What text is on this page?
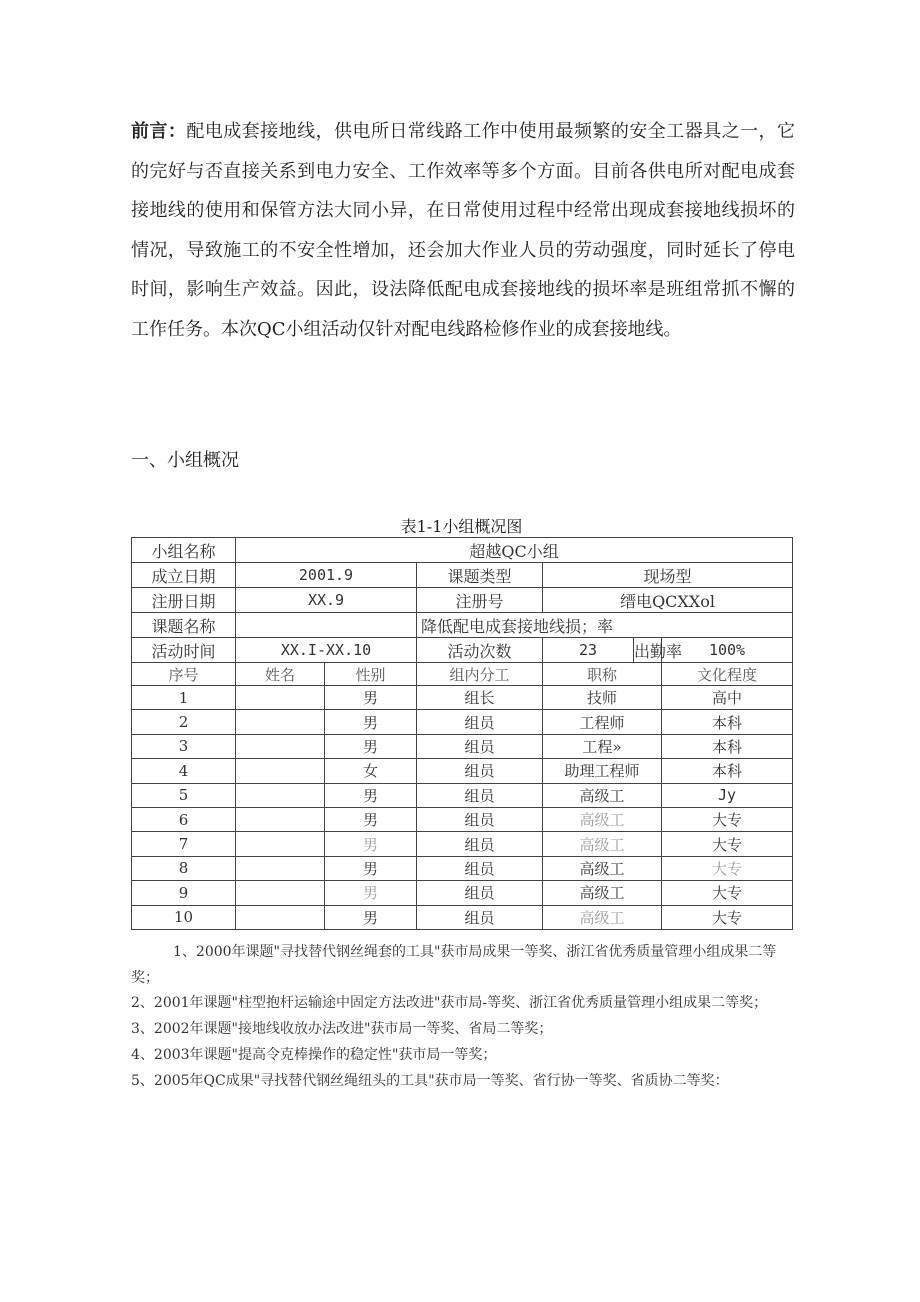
前言：配电成套接地线，供电所日常线路工作中使用最频繁的安全工器具之一，它的完好与否直接关系到电力安全、工作效率等多个方面。目前各供电所对配电成套接地线的使用和保管方法大同小异，在日常使用过程中经常出现成套接地线损坏的情况，导致施工的不安全性增加，还会加大作业人员的劳动强度，同时延长了停电时间，影响生产效益。因此，设法降低配电成套接地线的损坏率是班组常抓不懈的工作任务。本次QC小组活动仅针对配电线路检修作业的成套接地线。

一、小组概况

表1-1小组概况图

小组名称	超越QC小组					
成立日期	2001.9		课题类型	现场型		
注册日期	XX.9		注册号	缙电QCXXol		
课题名称			降低配电成套接地线损；率			
活动时间	XX.I-XX.10		活动次数	23	出勤率	100%
序号	姓名	性别	组内分工	职称		文化程度
1		男	组长	技师		高中
2		男	组员	工程师		本科
3		男	组员	工程»		本科
4		女	组员	助理工程师		本科
5		男	组员	高级工		Jy
6		男	组员	高级工		大专
7		男	组员	高级工		大专
8		男	组员	高级工		大专
9		男	组员	高级工		大专
10		男	组员	高级工		大专
1、2000年课题"寻找替代钢丝绳套的工具"获市局成果一等奖、浙江省优秀质量管理小组成果二等奖；
2、2001年课题"柱型抱杆运输途中固定方法改进"获市局-等奖、浙江省优秀质量管理小组成果二等奖；
3、2002年课题"接地线收放办法改进"获市局一等奖、省局二等奖；
4、2003年课题"提高令克棒操作的稳定性"获市局一等奖；
5、2005年QC成果"寻找替代钢丝绳纽头的工具"获市局一等奖、省行协一等奖、省质协二等奖：
